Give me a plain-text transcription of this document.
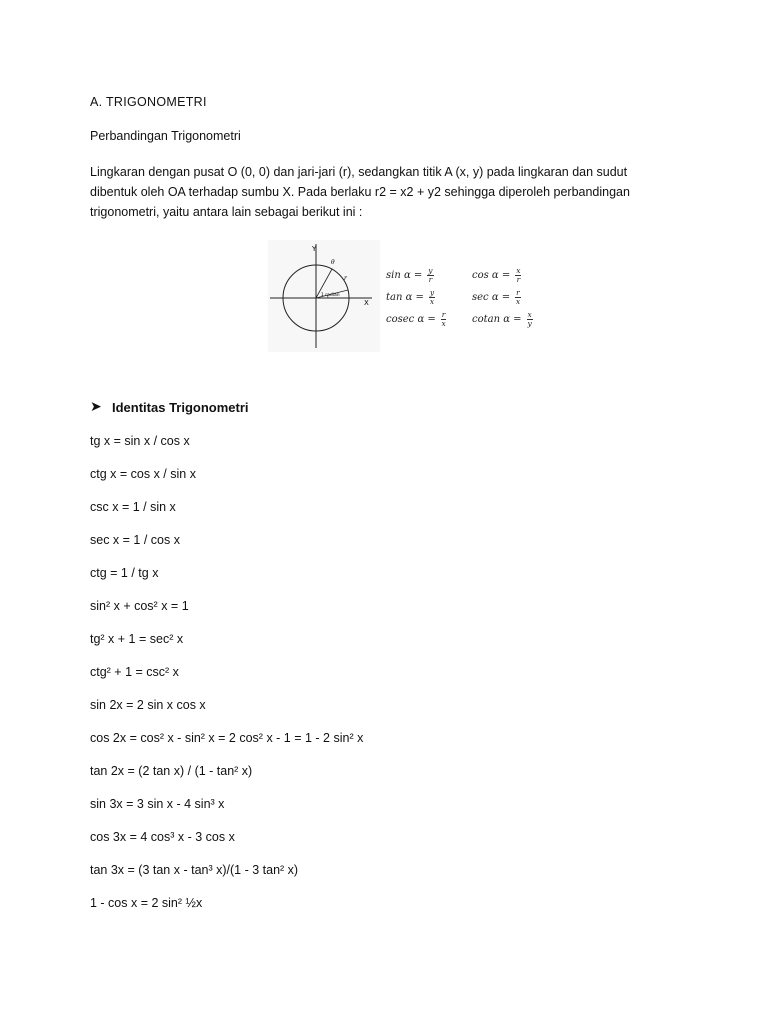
A. TRIGONOMETRI
Perbandingan Trigonometri
Lingkaran dengan pusat O (0, 0) dan jari-jari (r), sedangkan titik A (x, y) pada lingkaran dan sudut
dibentuk oleh OA terhadap sumbu X. Pada berlaku r2 = x2 + y2 sehingga diperoleh perbandingan
trigonometri, yaitu antara lain sebagai berikut ini :
Y
X
θ
r
1 radian
$\sin \alpha = \frac{y}{r}$	$\cos \alpha = \frac{x}{r}$
$\tan \alpha = \frac{y}{x}$	$\sec \alpha = \frac{r}{x}$
cosec $\alpha = \frac{r}{x}$	cotan $\alpha = \frac{x}{y}$
➤ Identitas Trigonometri
tg x = sin x / cos x
ctg x = cos x / sin x
csc x = 1 / sin x
sec x = 1 / cos x
ctg = 1 / tg x
sin² x + cos² x = 1
tg² x + 1 = sec² x
ctg² + 1 = csc² x
sin 2x = 2 sin x cos x
cos 2x = cos² x - sin² x = 2 cos² x - 1 = 1 - 2 sin² x
tan 2x = (2 tan x) / (1 - tan² x)
sin 3x = 3 sin x - 4 sin³ x
cos 3x = 4 cos³ x - 3 cos x
tan 3x = (3 tan x - tan³ x)/(1 - 3 tan² x)
1 - cos x = 2 sin² ½x
